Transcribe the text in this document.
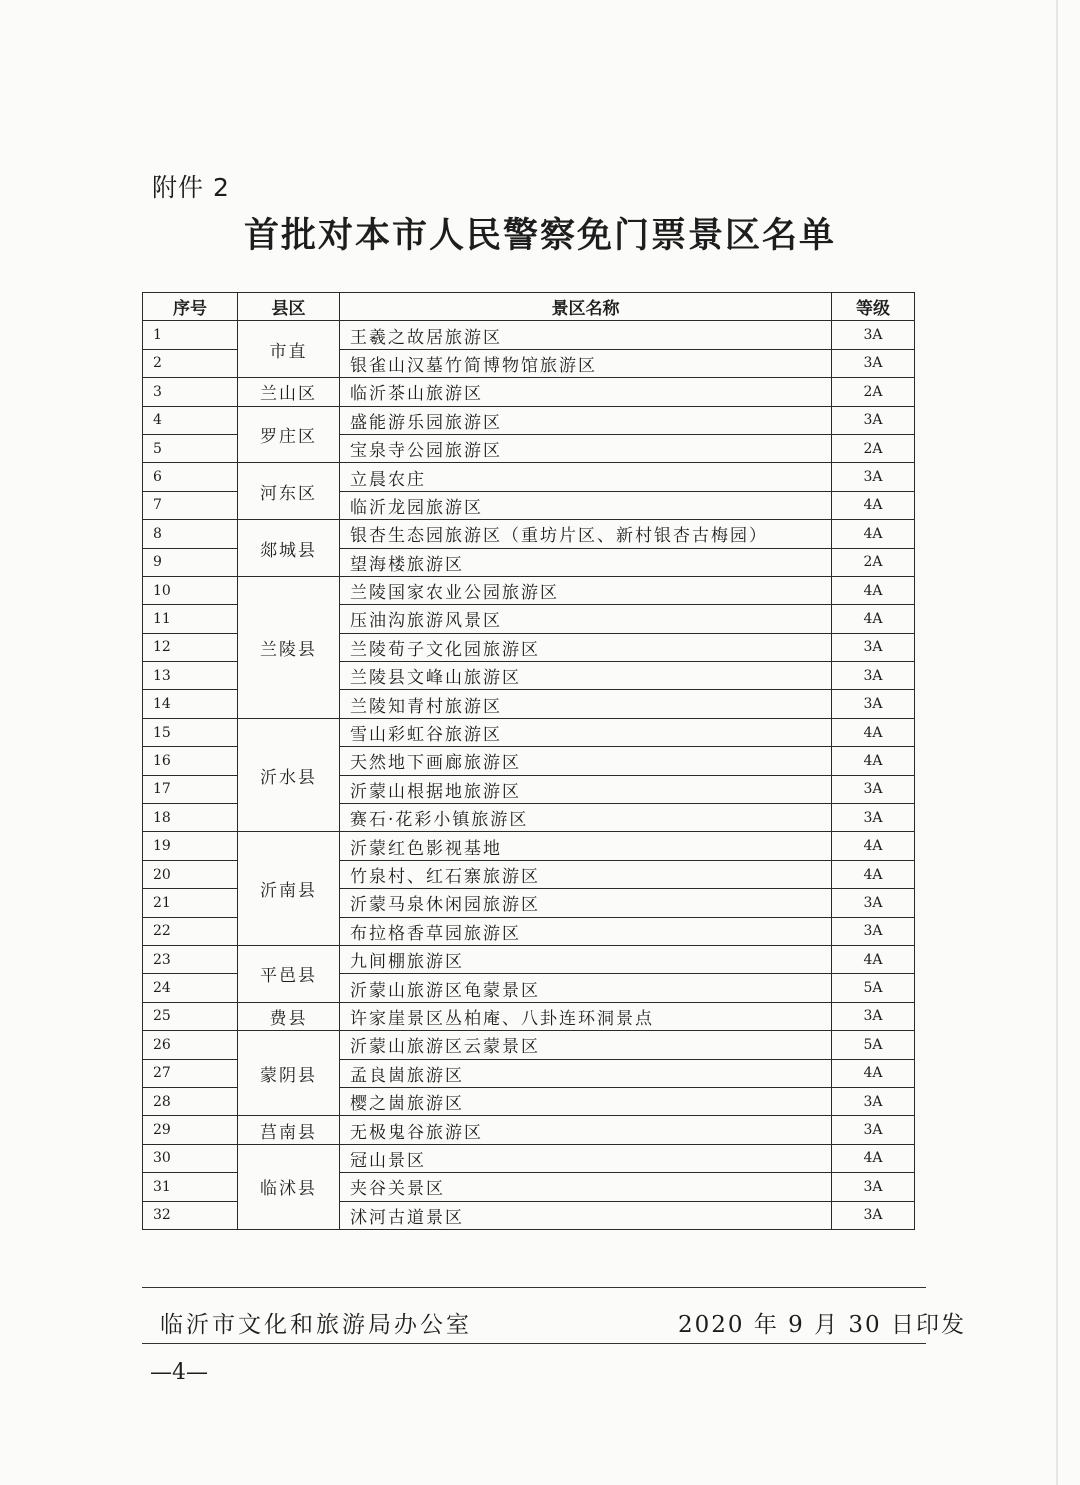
附件 2
首批对本市人民警察免门票景区名单
序号	县区	景区名称	等级
1	市直	王羲之故居旅游区	3A
2		银雀山汉墓竹简博物馆旅游区	3A
3	兰山区	临沂茶山旅游区	2A
4	罗庄区	盛能游乐园旅游区	3A
5		宝泉寺公园旅游区	2A
6	河东区	立晨农庄	3A
7		临沂龙园旅游区	4A
8	郯城县	银杏生态园旅游区（重坊片区、新村银杏古梅园）	4A
9		望海楼旅游区	2A
10	兰陵县	兰陵国家农业公园旅游区	4A
11		压油沟旅游风景区	4A
12		兰陵荀子文化园旅游区	3A
13		兰陵县文峰山旅游区	3A
14		兰陵知青村旅游区	3A
15	沂水县	雪山彩虹谷旅游区	4A
16		天然地下画廊旅游区	4A
17		沂蒙山根据地旅游区	3A
18		赛石·花彩小镇旅游区	3A
19	沂南县	沂蒙红色影视基地	4A
20		竹泉村、红石寨旅游区	4A
21		沂蒙马泉休闲园旅游区	3A
22		布拉格香草园旅游区	3A
23	平邑县	九间棚旅游区	4A
24		沂蒙山旅游区龟蒙景区	5A
25	费县	许家崖景区丛柏庵、八卦连环洞景点	3A
26	蒙阴县	沂蒙山旅游区云蒙景区	5A
27		孟良崮旅游区	4A
28		樱之崮旅游区	3A
29	莒南县	无极鬼谷旅游区	3A
30	临沭县	冠山景区	4A
31		夹谷关景区	3A
32		沭河古道景区	3A
临沂市文化和旅游局办公室	2020 年 9 月 30 日印发
—4—
